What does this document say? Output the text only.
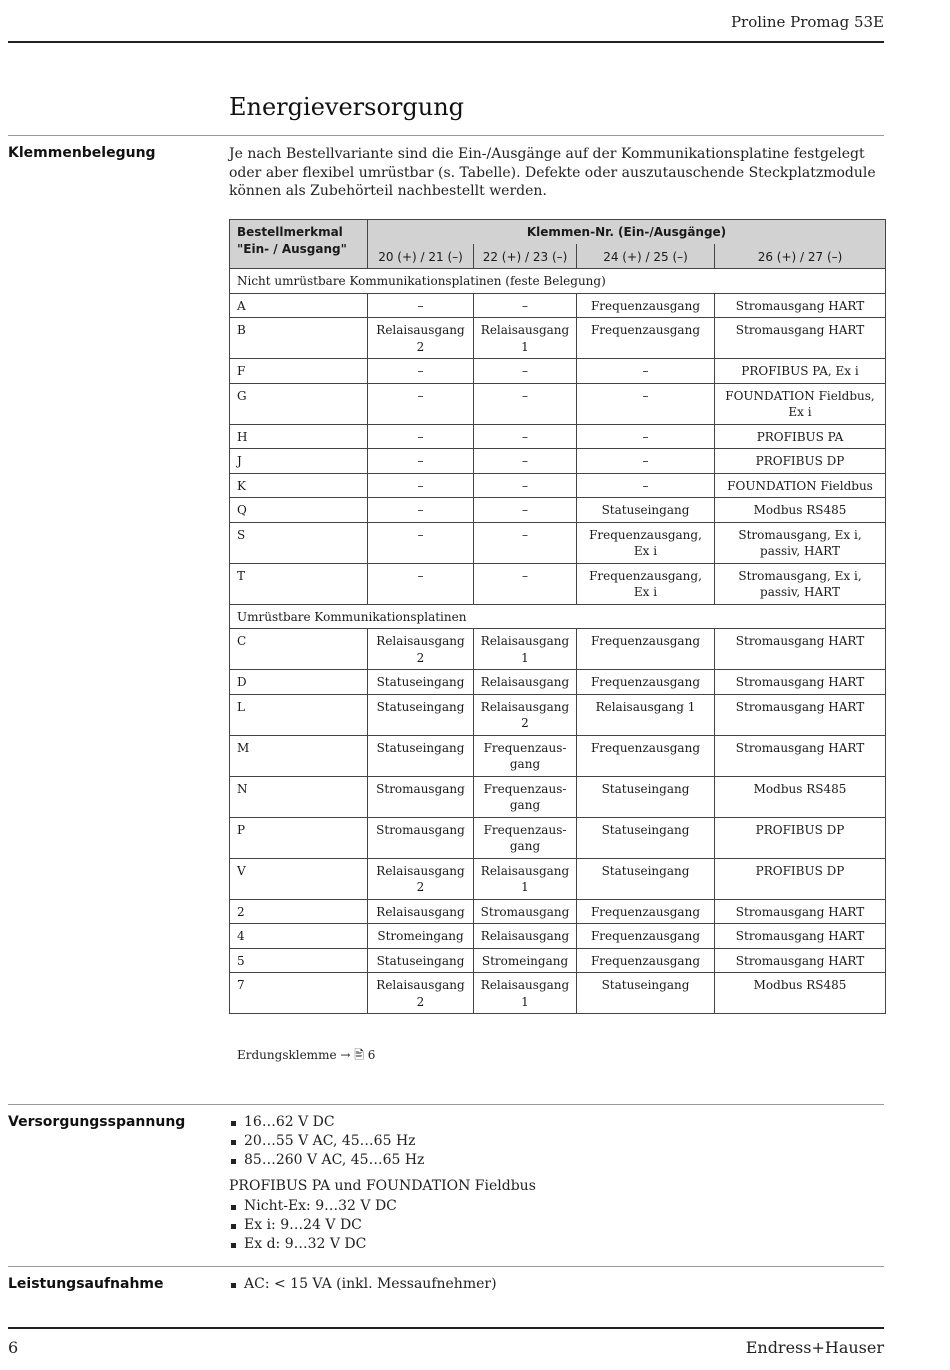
Proline Promag 53E
Energieversorgung
Klemmenbelegung	Je nach Bestellvariante sind die Ein-/Ausgänge auf der Kommunikationsplatine festgelegt oder aber flexibel umrüstbar (s. Tabelle). Defekte oder auszutauschende Steckplatzmodule können als Zubehörteil nachbestellt werden.
Bestellmerkmal "Ein- / Ausgang"	Klemmen-Nr. (Ein-/Ausgänge)			
	20 (+) / 21 (–)	22 (+) / 23 (–)	24 (+) / 25 (–)	26 (+) / 27 (–)
Nicht umrüstbare Kommunikationsplatinen (feste Belegung)				
A	–	–	Frequenzausgang	Stromausgang HART
B	Relaisausgang 2	Relaisausgang 1	Frequenzausgang	Stromausgang HART
F	–	–	–	PROFIBUS PA, Ex i
G	–	–	–	FOUNDATION Fieldbus, Ex i
H	–	–	–	PROFIBUS PA
J	–	–	–	PROFIBUS DP
K	–	–	–	FOUNDATION Fieldbus
Q	–	–	Statuseingang	Modbus RS485
S	–	–	Frequenzausgang, Ex i	Stromausgang, Ex i, passiv, HART
T	–	–	Frequenzausgang, Ex i	Stromausgang, Ex i, passiv, HART
Umrüstbare Kommunikationsplatinen				
C	Relaisausgang 2	Relaisausgang 1	Frequenzausgang	Stromausgang HART
D	Statuseingang	Relaisausgang	Frequenzausgang	Stromausgang HART
L	Statuseingang	Relaisausgang 2	Relaisausgang 1	Stromausgang HART
M	Statuseingang	Frequenzausgang	Frequenzausgang	Stromausgang HART
N	Stromausgang	Frequenzausgang	Statuseingang	Modbus RS485
P	Stromausgang	Frequenzausgang	Statuseingang	PROFIBUS DP
V	Relaisausgang 2	Relaisausgang 1	Statuseingang	PROFIBUS DP
2	Relaisausgang	Stromausgang	Frequenzausgang	Stromausgang HART
4	Stromeingang	Relaisausgang	Frequenzausgang	Stromausgang HART
5	Statuseingang	Stromeingang	Frequenzausgang	Stromausgang HART
7	Relaisausgang 2	Relaisausgang 1	Statuseingang	Modbus RS485
Erdungsklemme → 🖹 6
Versorgungsspannung	16…62 V DC
20…55 V AC, 45…65 Hz
85…260 V AC, 45…65 Hz
PROFIBUS PA und FOUNDATION Fieldbus
Nicht-Ex: 9…32 V DC
Ex i: 9…24 V DC
Ex d: 9…32 V DC
Leistungsaufnahme	AC: < 15 VA (inkl. Messaufnehmer)
6	Endress+Hauser
